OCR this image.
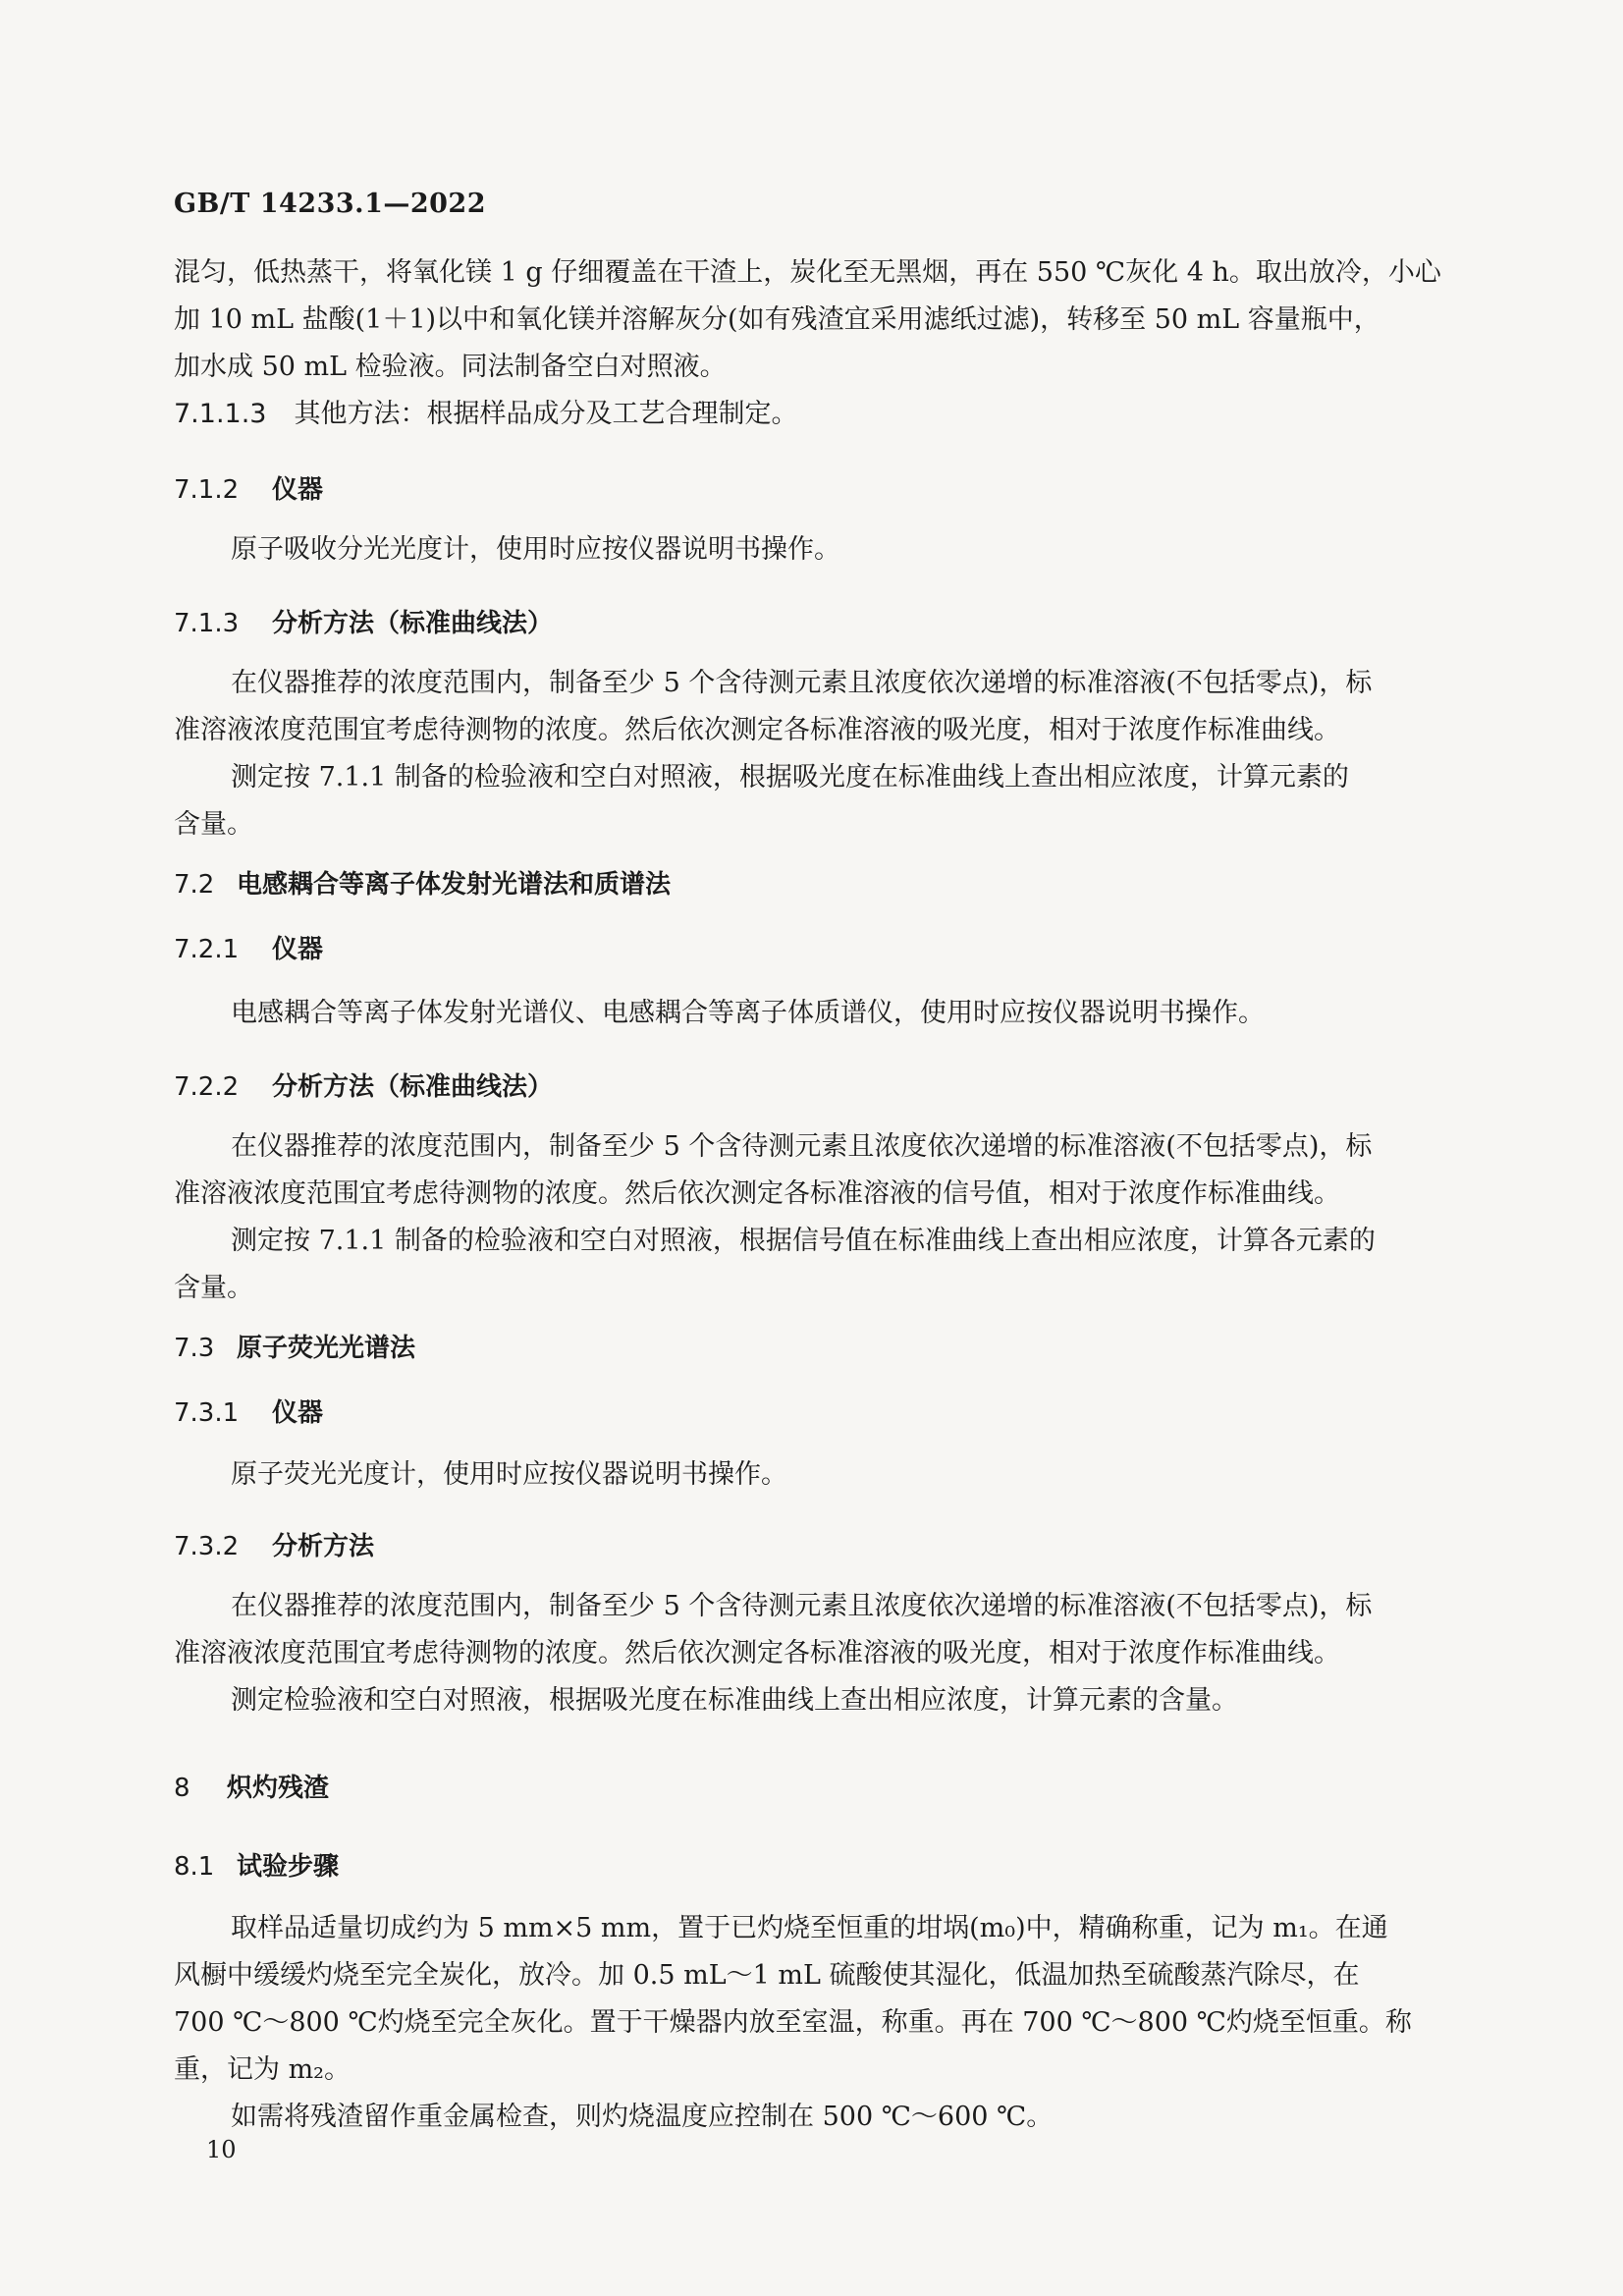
GB/T 14233.1—2022

混匀，低热蒸干，将氧化镁 1 g 仔细覆盖在干渣上，炭化至无黑烟，再在 550 ℃灰化 4 h。取出放冷，小心

加 10 mL 盐酸(1＋1)以中和氧化镁并溶解灰分(如有残渣宜采用滤纸过滤)，转移至 50 mL 容量瓶中，

加水成 50 mL 检验液。同法制备空白对照液。

7.1.1.3 其他方法：根据样品成分及工艺合理制定。
7.1.2 仪器

原子吸收分光光度计，使用时应按仪器说明书操作。

7.1.3 分析方法（标准曲线法）

在仪器推荐的浓度范围内，制备至少 5 个含待测元素且浓度依次递增的标准溶液(不包括零点)，标

准溶液浓度范围宜考虑待测物的浓度。然后依次测定各标准溶液的吸光度，相对于浓度作标准曲线。

测定按 7.1.1 制备的检验液和空白对照液，根据吸光度在标准曲线上查出相应浓度，计算元素的

含量。

7.2 电感耦合等离子体发射光谱法和质谱法
7.2.1 仪器

电感耦合等离子体发射光谱仪、电感耦合等离子体质谱仪，使用时应按仪器说明书操作。

7.2.2 分析方法（标准曲线法）

在仪器推荐的浓度范围内，制备至少 5 个含待测元素且浓度依次递增的标准溶液(不包括零点)，标

准溶液浓度范围宜考虑待测物的浓度。然后依次测定各标准溶液的信号值，相对于浓度作标准曲线。

测定按 7.1.1 制备的检验液和空白对照液，根据信号值在标准曲线上查出相应浓度，计算各元素的

含量。

7.3 原子荧光光谱法
7.3.1 仪器

原子荧光光度计，使用时应按仪器说明书操作。

7.3.2 分析方法

在仪器推荐的浓度范围内，制备至少 5 个含待测元素且浓度依次递增的标准溶液(不包括零点)，标

准溶液浓度范围宜考虑待测物的浓度。然后依次测定各标准溶液的吸光度，相对于浓度作标准曲线。

测定检验液和空白对照液，根据吸光度在标准曲线上查出相应浓度，计算元素的含量。

8 炽灼残渣
8.1 试验步骤

取样品适量切成约为 5 mm×5 mm，置于已灼烧至恒重的坩埚(m₀)中，精确称重，记为 m₁。在通

风橱中缓缓灼烧至完全炭化，放冷。加 0.5 mL～1 mL 硫酸使其湿化，低温加热至硫酸蒸汽除尽，在

700 ℃～800 ℃灼烧至完全灰化。置于干燥器内放至室温，称重。再在 700 ℃～800 ℃灼烧至恒重。称

重，记为 m₂。

如需将残渣留作重金属检查，则灼烧温度应控制在 500 ℃～600 ℃。

10
